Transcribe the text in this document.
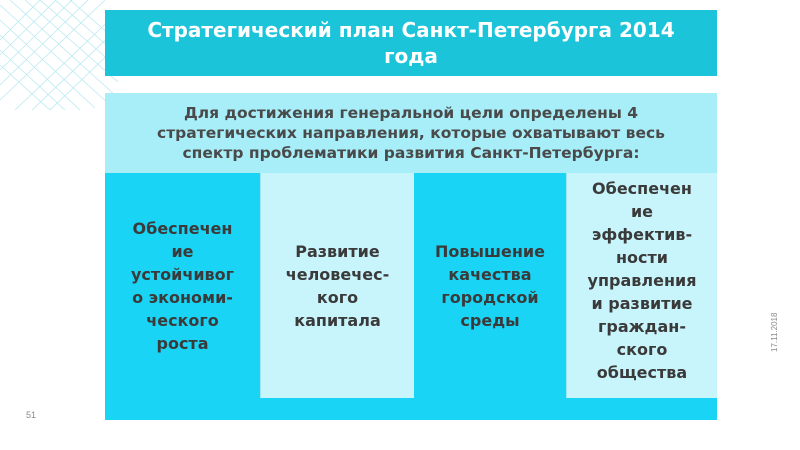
Стратегический план Санкт-Петербурга 2014 года
Для достижения генеральной цели определены 4 стратегических направления, которые охватывают весь спектр проблематики развития Санкт-Петербурга:
Обеспечен
ие
устойчивог
о экономи-
ческого
роста
Развитие
человечес-
кого
капитала
Повышение
качества
городской
среды
Обеспечен
ие
эффектив-
ности
управления
и развитие
граждан-
ского
общества
51
17.11.2018
